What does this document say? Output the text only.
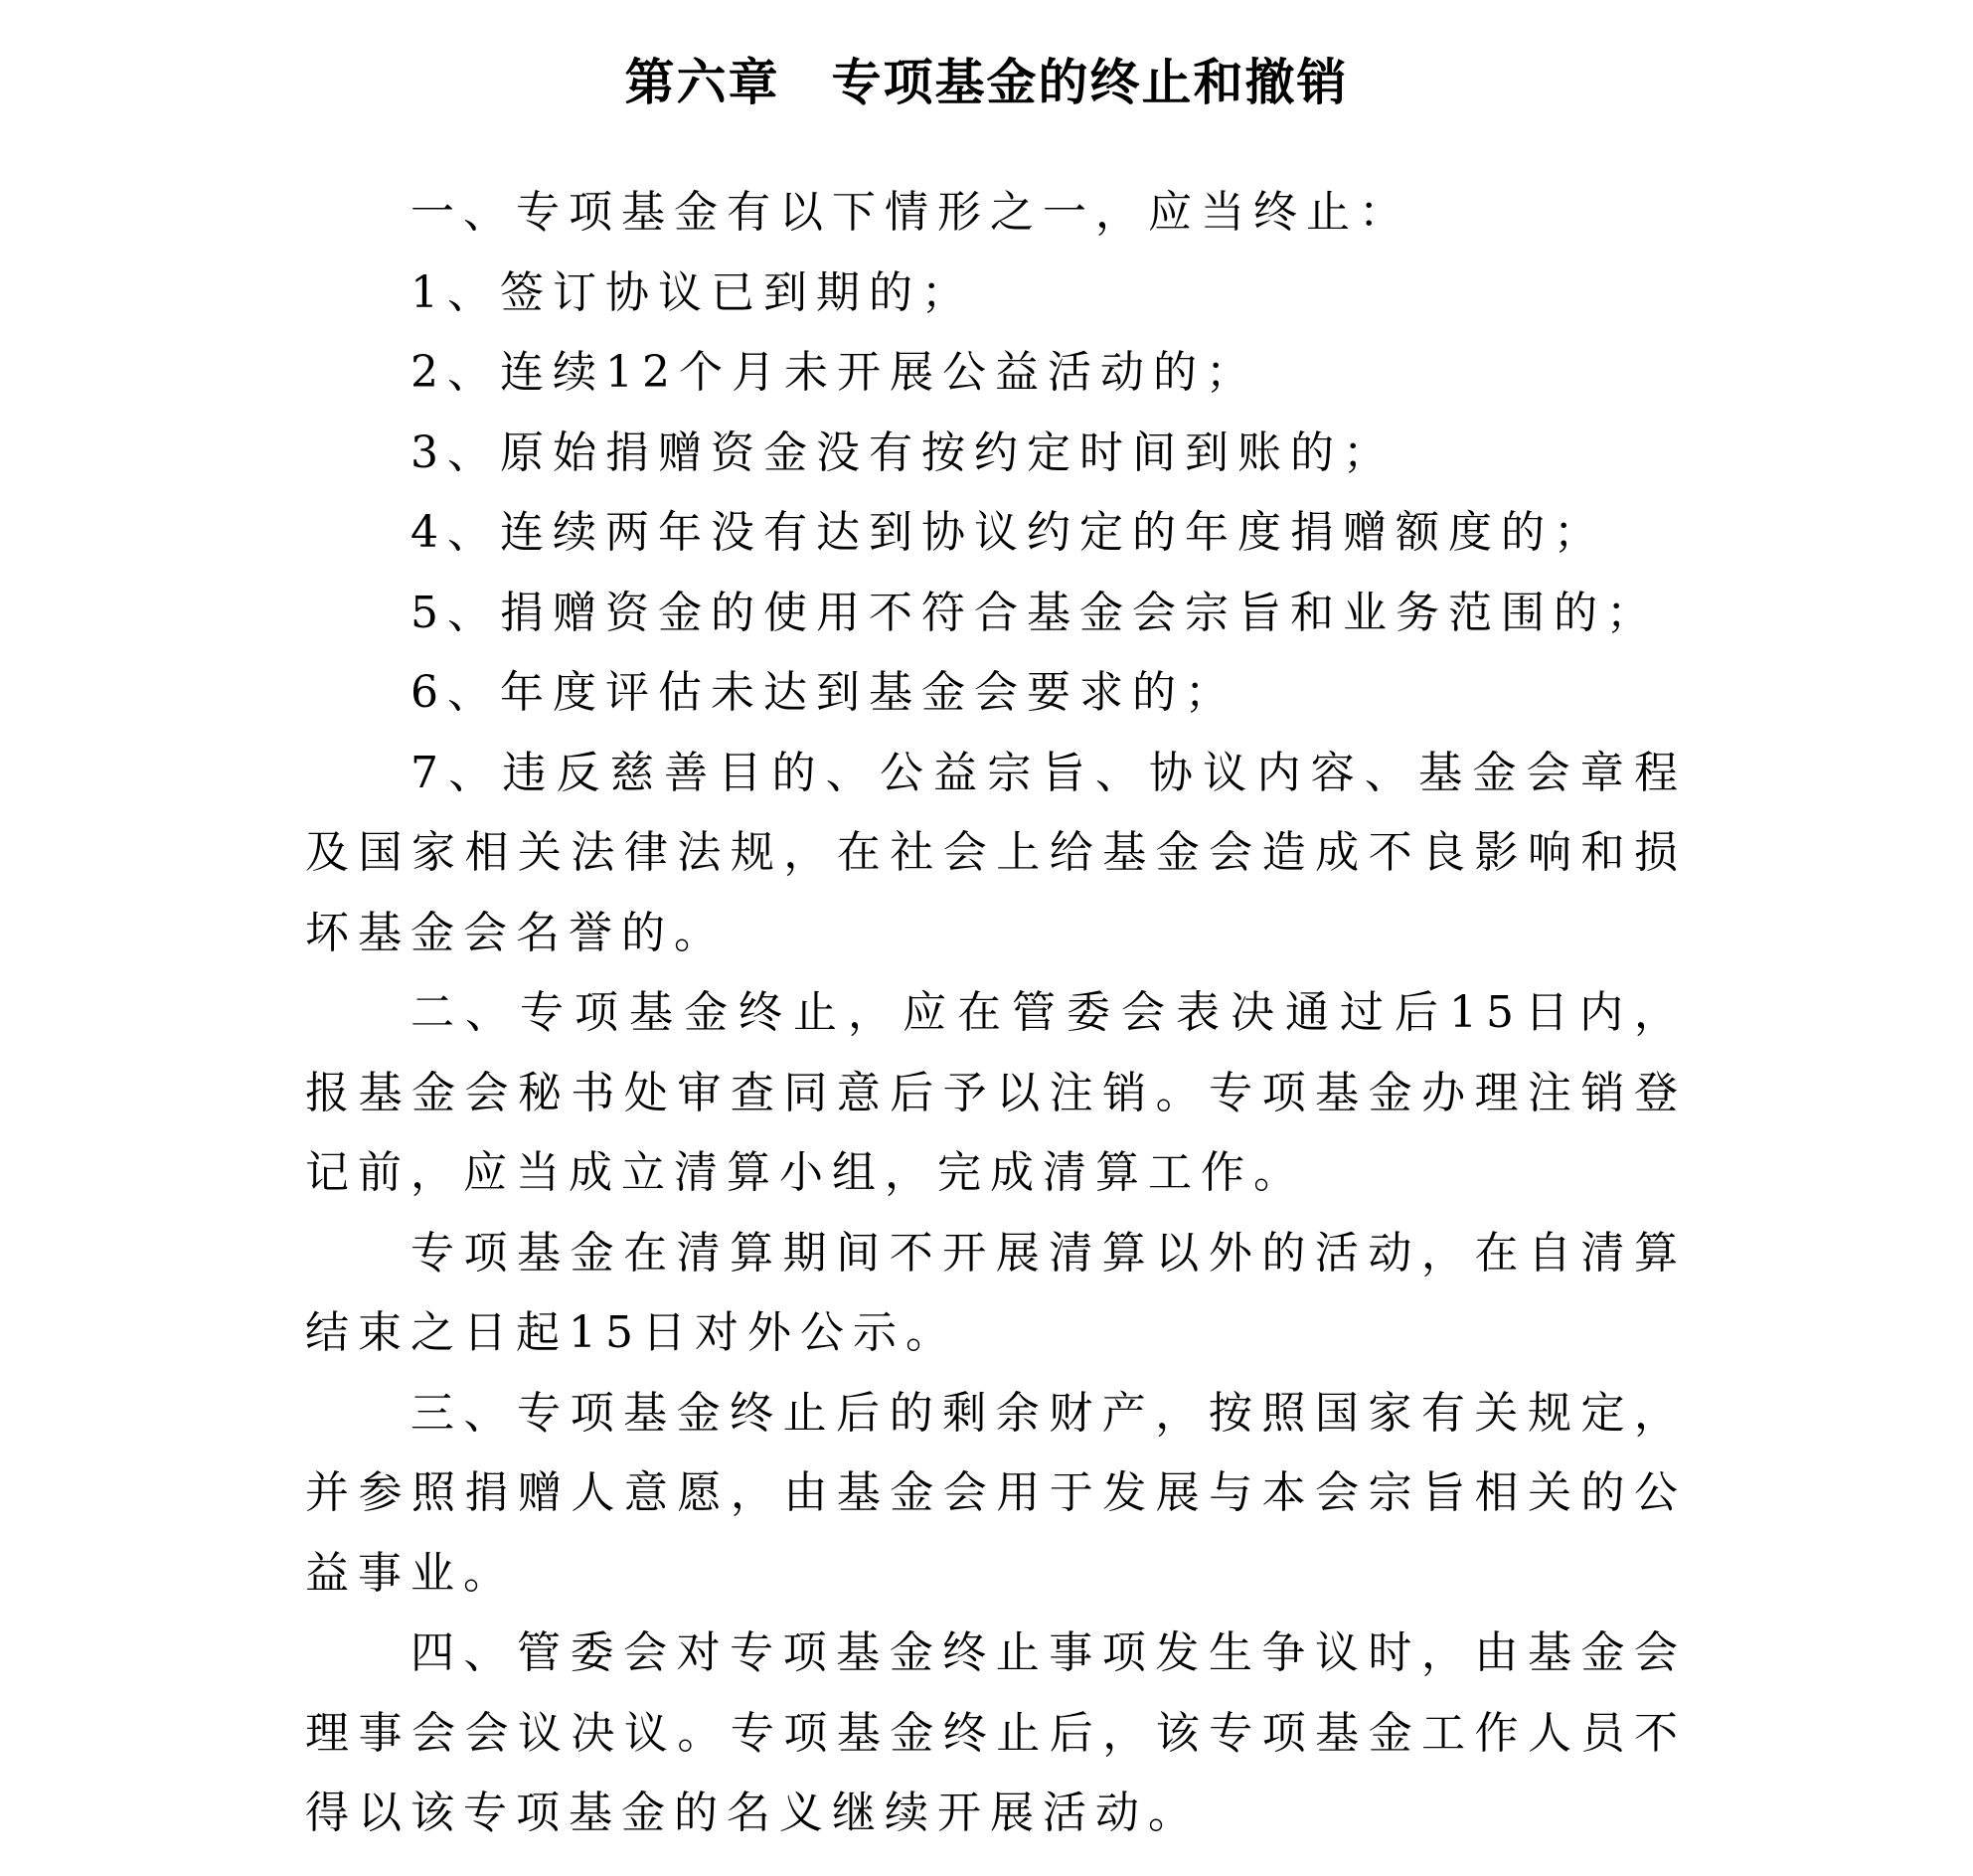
第六章　专项基金的终止和撤销

一、专项基金有以下情形之一，应当终止：

1、签订协议已到期的；

2、连续12个月未开展公益活动的；

3、原始捐赠资金没有按约定时间到账的；

4、连续两年没有达到协议约定的年度捐赠额度的；

5、捐赠资金的使用不符合基金会宗旨和业务范围的；

6、年度评估未达到基金会要求的；

7、违反慈善目的、公益宗旨、协议内容、基金会章程及国家相关法律法规，在社会上给基金会造成不良影响和损坏基金会名誉的。

二、专项基金终止，应在管委会表决通过后15日内，报基金会秘书处审查同意后予以注销。专项基金办理注销登记前，应当成立清算小组，完成清算工作。

专项基金在清算期间不开展清算以外的活动，在自清算结束之日起15日对外公示。

三、专项基金终止后的剩余财产，按照国家有关规定，并参照捐赠人意愿，由基金会用于发展与本会宗旨相关的公益事业。

四、管委会对专项基金终止事项发生争议时，由基金会理事会会议决议。专项基金终止后，该专项基金工作人员不得以该专项基金的名义继续开展活动。
